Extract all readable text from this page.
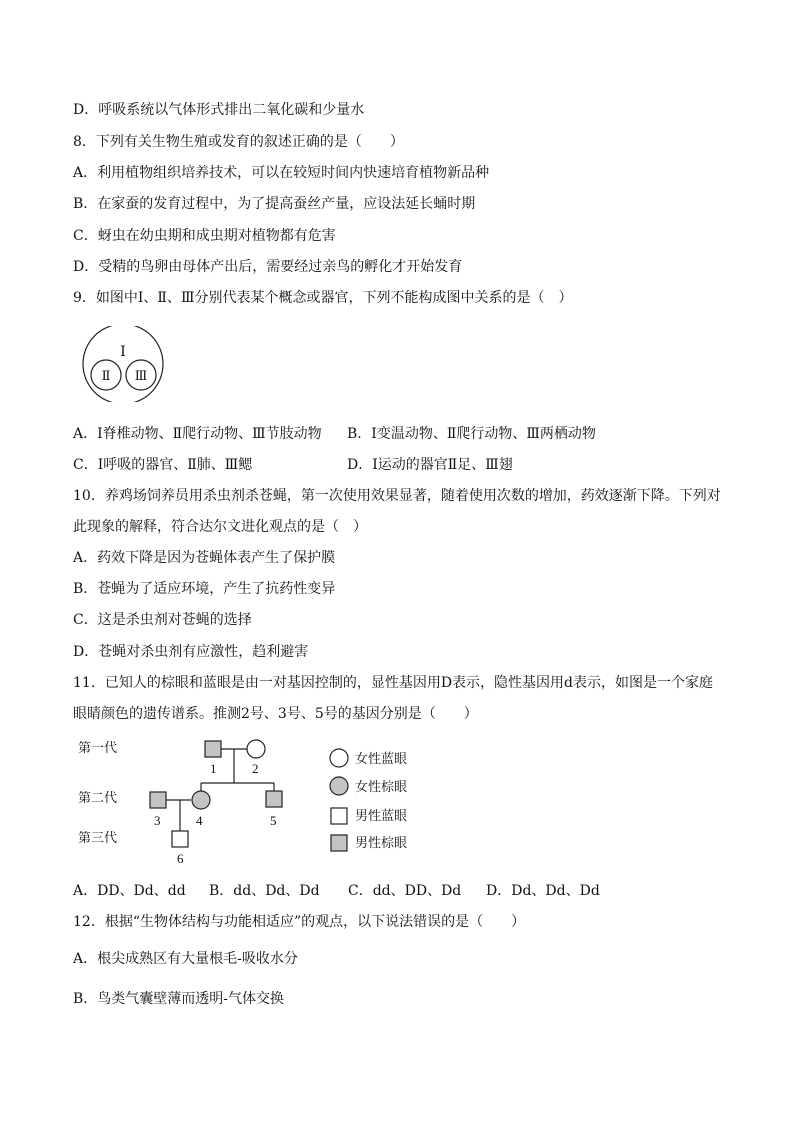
D．呼吸系统以气体形式排出二氧化碳和少量水
8．下列有关生物生殖或发育的叙述正确的是（　　）
A．利用植物组织培养技术，可以在较短时间内快速培育植物新品种
B．在家蚕的发育过程中，为了提高蚕丝产量，应设法延长蛹时期
C．蚜虫在幼虫期和成虫期对植物都有危害
D．受精的鸟卵由母体产出后，需要经过亲鸟的孵化才开始发育
9．如图中Ⅰ、Ⅱ、Ⅲ分别代表某个概念或器官，下列不能构成图中关系的是（　）
Ⅰ
Ⅱ Ⅲ
A．Ⅰ脊椎动物、Ⅱ爬行动物、Ⅲ节肢动物 B．Ⅰ变温动物、Ⅱ爬行动物、Ⅲ两栖动物
C．Ⅰ呼吸的器官、Ⅱ肺、Ⅲ鳃	D．Ⅰ运动的器官Ⅱ足、Ⅲ翅
10．养鸡场饲养员用杀虫剂杀苍蝇，第一次使用效果显著，随着使用次数的增加，药效逐渐下降。下列对
此现象的解释，符合达尔文进化观点的是（　）
A．药效下降是因为苍蝇体表产生了保护膜
B．苍蝇为了适应环境，产生了抗药性变异
C．这是杀虫剂对苍蝇的选择
D．苍蝇对杀虫剂有应激性，趋利避害
11．已知人的棕眼和蓝眼是由一对基因控制的，显性基因用D表示，隐性基因用d表示，如图是一个家庭
眼睛颜色的遗传谱系。推测2号、3号、5号的基因分别是（　　）
第一代
第二代
第三代
1	2
3	4	5
6
女性蓝眼
女性棕眼
男性蓝眼
男性棕眼
A．DD、Dd、dd B．dd、Dd、Dd C．dd、DD、Dd D．Dd、Dd、Dd
12．根据“生物体结构与功能相适应”的观点，以下说法错误的是（　　）
A．根尖成熟区有大量根毛-吸收水分
B．鸟类气囊壁薄而透明-气体交换
